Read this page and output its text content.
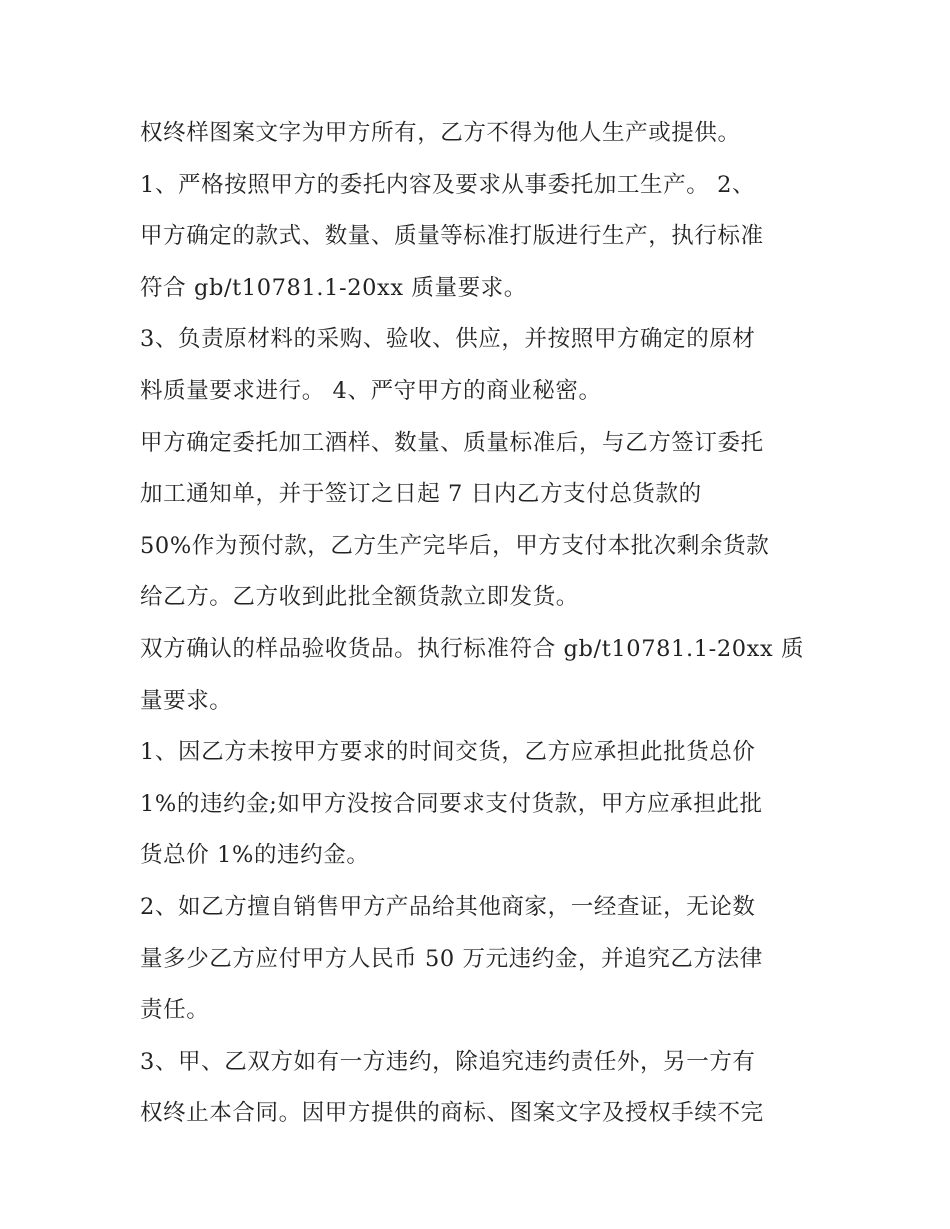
权终样图案文字为甲方所有，乙方不得为他人生产或提供。
1、严格按照甲方的委托内容及要求从事委托加工生产。 2、
甲方确定的款式、数量、质量等标准打版进行生产，执行标准
符合 gb/t10781.1-20xx 质量要求。
3、负责原材料的采购、验收、供应，并按照甲方确定的原材
料质量要求进行。 4、严守甲方的商业秘密。
甲方确定委托加工酒样、数量、质量标准后，与乙方签订委托
加工通知单，并于签订之日起 7 日内乙方支付总货款的
50%作为预付款，乙方生产完毕后，甲方支付本批次剩余货款
给乙方。乙方收到此批全额货款立即发货。
双方确认的样品验收货品。执行标准符合 gb/t10781.1-20xx 质
量要求。
1、因乙方未按甲方要求的时间交货，乙方应承担此批货总价
1%的违约金;如甲方没按合同要求支付货款，甲方应承担此批
货总价 1%的违约金。
2、如乙方擅自销售甲方产品给其他商家，一经查证，无论数
量多少乙方应付甲方人民币 50 万元违约金，并追究乙方法律
责任。
3、甲、乙双方如有一方违约，除追究违约责任外，另一方有
权终止本合同。因甲方提供的商标、图案文字及授权手续不完
